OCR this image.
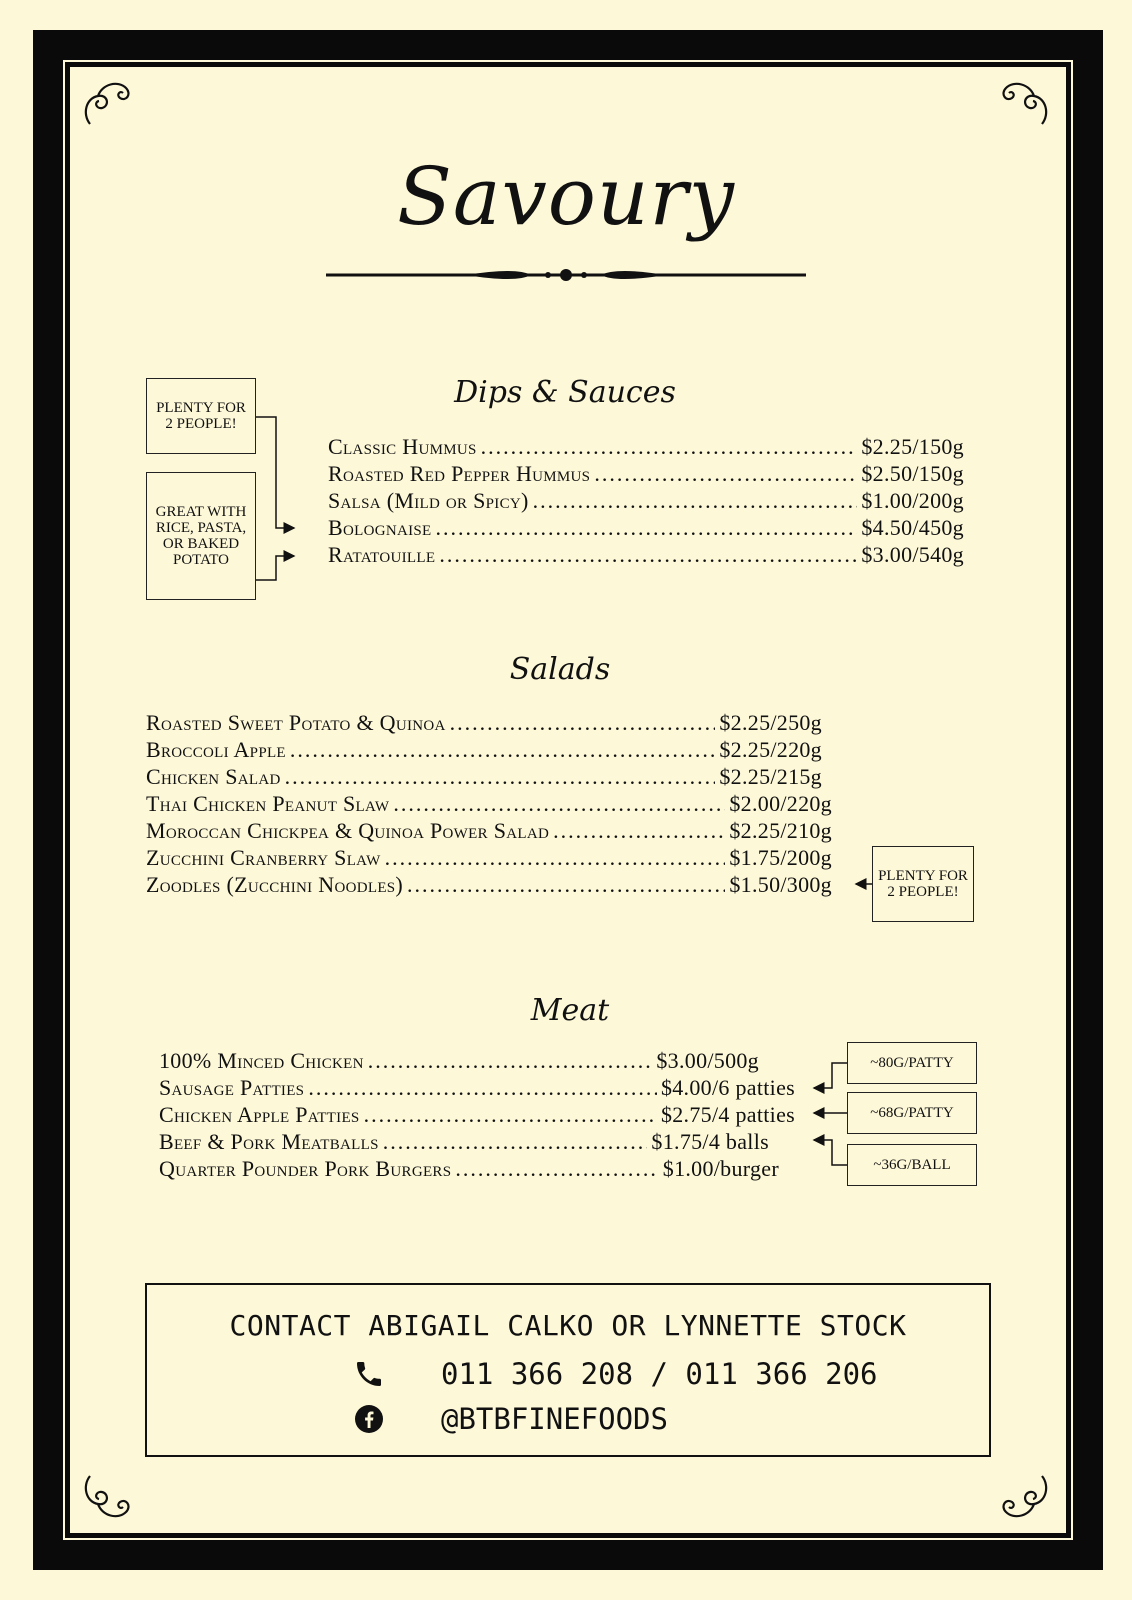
Savoury
Dips & Sauces
Classic Hummus .....	$2.25/150g
Roasted Red Pepper Hummus .....	$2.50/150g
Salsa (Mild or Spicy) .....	$1.00/200g
Bolognaise .....	$4.50/450g
Ratatouille .....	$3.00/540g
PLENTY FOR 2 PEOPLE!
GREAT WITH RICE, PASTA, OR BAKED POTATO
Salads
Roasted Sweet Potato & Quinoa .....	$2.25/250g
Broccoli Apple .....	$2.25/220g
Chicken Salad .....	$2.25/215g
Thai Chicken Peanut Slaw .....	$2.00/220g
Moroccan Chickpea & Quinoa Power Salad .....	$2.25/210g
Zucchini Cranberry Slaw .....	$1.75/200g
Zoodles (Zucchini Noodles) .....	$1.50/300g	PLENTY FOR 2 PEOPLE!
Meat
100% Minced Chicken .....	$3.00/500g
Sausage Patties .....	$4.00/6 patties
Chicken Apple Patties .....	$2.75/4 patties
Beef & Pork Meatballs .....	$1.75/4 balls
Quarter Pounder Pork Burgers .....	$1.00/burger
~80G/PATTY
~68G/PATTY
~36G/BALL
CONTACT ABIGAIL CALKO OR LYNNETTE STOCK
011 366 208 / 011 366 206
@BTBFINEFOODS
